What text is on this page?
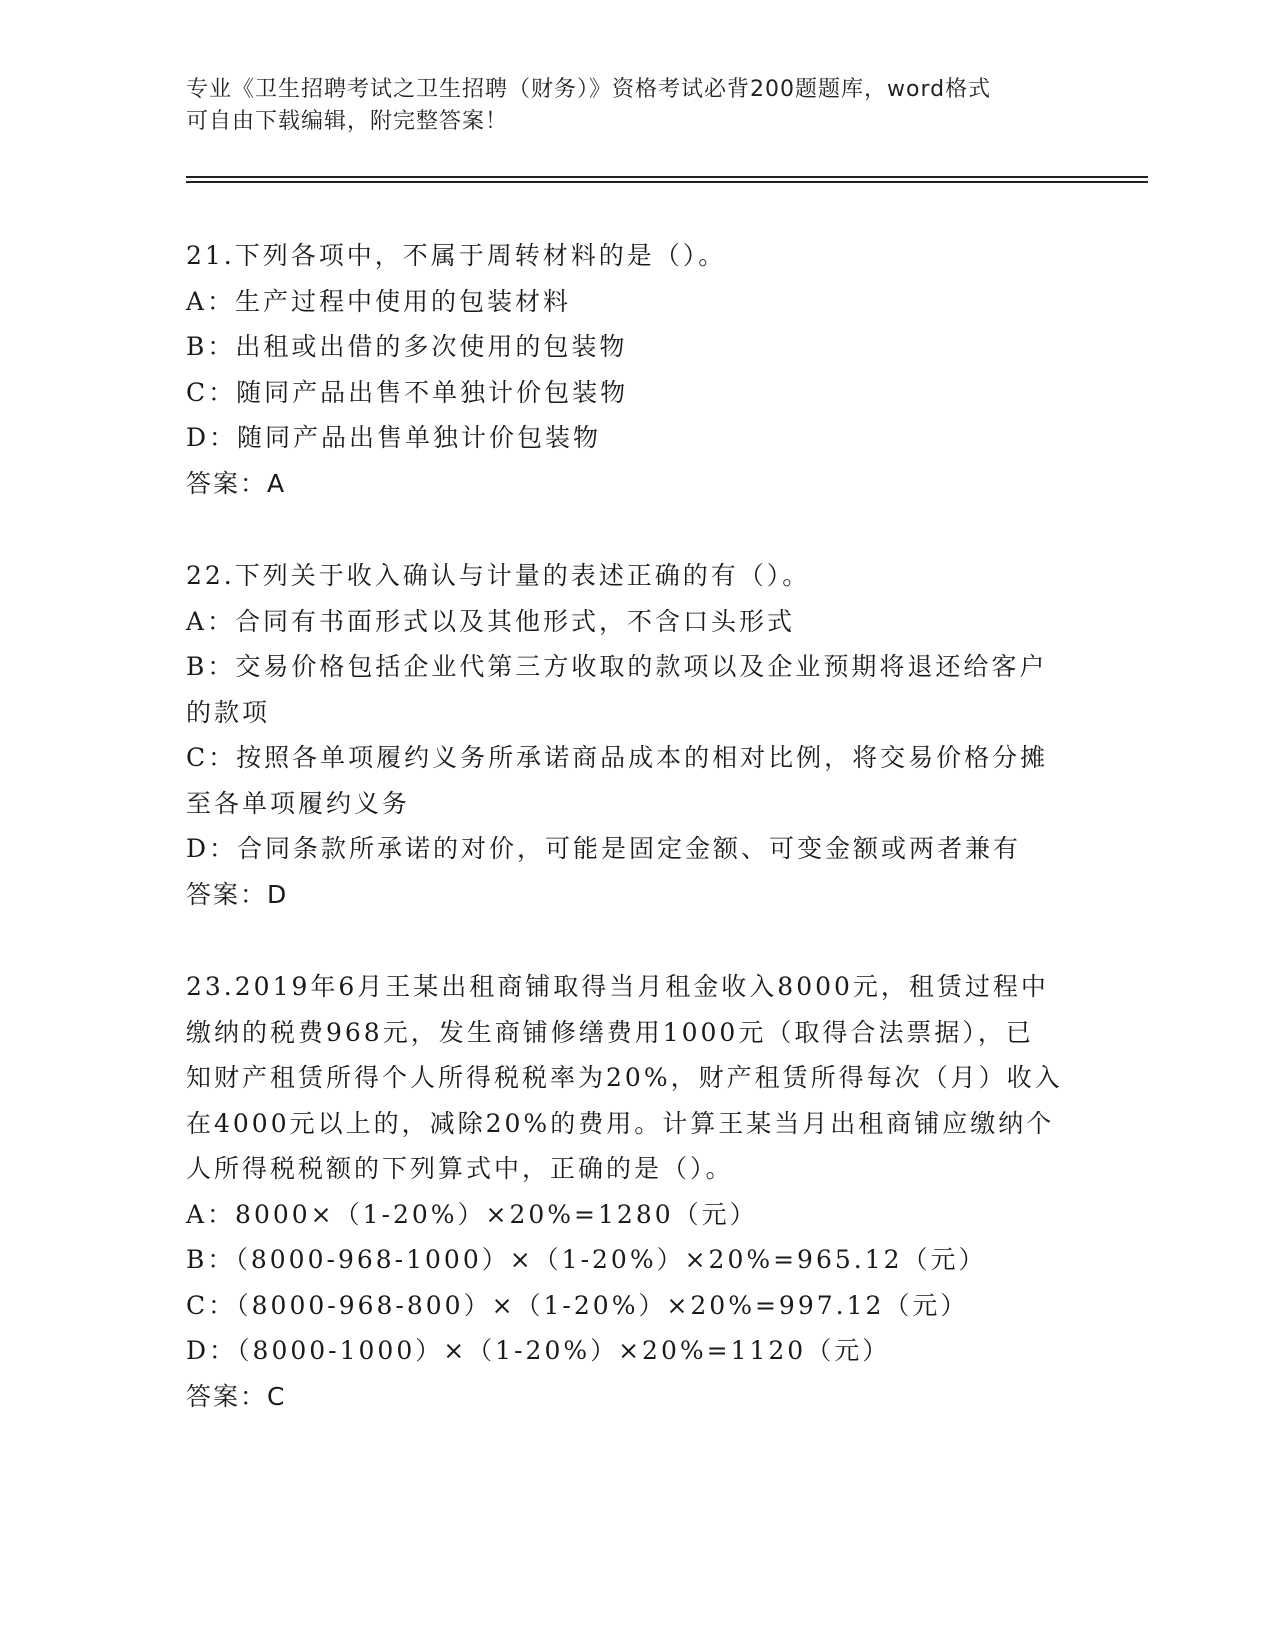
专业《卫生招聘考试之卫生招聘（财务）》资格考试必背200题题库，word格式
可自由下载编辑，附完整答案！
21.下列各项中，不属于周转材料的是（）。
A：生产过程中使用的包装材料
B：出租或出借的多次使用的包装物
C：随同产品出售不单独计价包装物
D：随同产品出售单独计价包装物
答案：A
22.下列关于收入确认与计量的表述正确的有（）。
A：合同有书面形式以及其他形式，不含口头形式
B：交易价格包括企业代第三方收取的款项以及企业预期将退还给客户
的款项
C：按照各单项履约义务所承诺商品成本的相对比例，将交易价格分摊
至各单项履约义务
D：合同条款所承诺的对价，可能是固定金额、可变金额或两者兼有
答案：D
23.2019年6月王某出租商铺取得当月租金收入8000元，租赁过程中
缴纳的税费968元，发生商铺修缮费用1000元（取得合法票据），已
知财产租赁所得个人所得税税率为20%，财产租赁所得每次（月）收入
在4000元以上的，减除20%的费用。计算王某当月出租商铺应缴纳个
人所得税税额的下列算式中，正确的是（）。
A：8000×（1-20%）×20%=1280（元）
B：（8000-968-1000）×（1-20%）×20%=965.12（元）
C：（8000-968-800）×（1-20%）×20%=997.12（元）
D：（8000-1000）×（1-20%）×20%=1120（元）
答案：C
